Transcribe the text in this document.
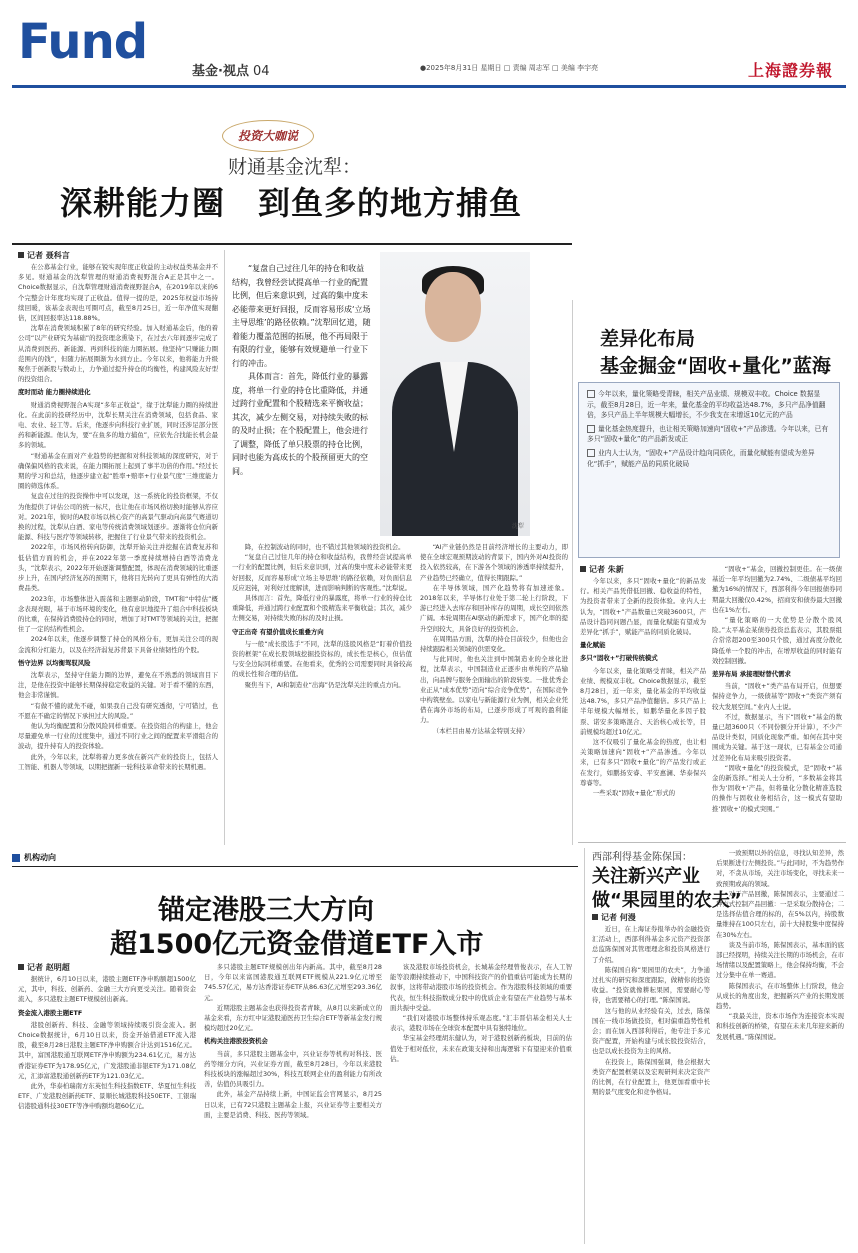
Fund
基金·视点 04	●2025年8月31日 星期日 □ 责编 周志军 □ 美编 李宇亮	上海證券報
投资大咖说
财通基金沈犁：
深耕能力圈　到鱼多的地方捕鱼
记者 聂科言

在公募基金行业，能够在锐实现年度正收益的主动权益类基金并不多见。财通基金的沈犁管理的财通消费视野混合A正是其中之一。Choice数据显示，自沈犁管理财通消费视野混合A，在2019年以来的6个完整会计年度均实现了正收益。值得一提的是，2025年权益市场持续回暖，该基金表现也可圈可点，截至8月25日，近一年净值实现翻倍，区间回报率达118.88%。

沈犁在消费领域积累了8年的研究经验。加入财通基金后，他的着公司“以产业研究为基础”的投资理念熏染下，在过去六年间逐步完成了从消费到医药、新能源、再到科技的能力圈拓展。他坚持“只赚能力圈范围内的钱”，但随力拓展圈渐为水到方止。今年以来，他将能力升级聚焦于创新股与数动上，力争通过提升持仓的均衡性，构建风险友好型的投资组合。

度时而动 能力圈持续进化

财通消费视野混合A实现“多年正收益”，缘于沈犁能力圈的持续进化。在此前的投研经历中，沈犁长期关注在消费领域，包括食品、家电、农业、轻工等。后来，他逐步向科技行业扩展，同时还涉足部分医药和新能源。他认为，要“在鱼多的地方捕鱼”，应依先合找能长机会最多的领域。

“财通基金在面对产业趋势的把握和对科技领域的深度研究，对于确保偏风格的我来说，在能力圈拓展上起到了事半功倍的作用。”经过长期的学习和总结，他逐步建立起“胜率+赔率+行业景气度”三维度能力圈的筛选体系。

复盘在过往的投资操作中可以发现，这一系统化的投资框架，不仅为他提供了评估公司的统一标尺，也让他在市场风格切换时能够从容应对。2021年，彼时的A股市场以核心资产的高景气驱动向高景气赛道切换的过程，沈犁从白酒、家电等传统消费领域划逐步。逐渐将仓位向新能源、科技与医疗等领域转移，把握住了行业景气带来的投资机会。

2022年，市场风格转向防御，沈犁开始关注并挖掘在消费复苏和低估值方面的机会，并在2022年第一季度持续增持白酒等消费龙头，“沈犁表示，2022年开始逐渐调整配置，体现在消费领域的比重逐步上升，在国内经济复苏的预期下，他将目光转向了更具有弹性的大消费品类。

2023年，市场整体进入震荡和主题驱动阶段，TMT和“中特估”概念表现亮眼，基于市场环境的变化，他有意识地提升了组合中科技板块的比重，在保持消费股持仓的同时，增加了对TMT等领域的关注，把握住了一定的结构性机会。

2024年以来，他逐步调整了持仓的风格分布，更加关注公司的现金流和分红能力，以及在经济弱复苏背景下具备业绩韧性的个股。

悟守边界 以均衡驾驭风险

沈犁表示，坚持守住能力圈的边界，避免在不熟悉的领域盲目下注，是他在投资中能够长期保持稳定收益的关键。对于看不懂的东西，他会非常谨慎。

“有做不懂的就先不碰，如果我自己没有研究透彻，宁可错过，也不愿在不确定的情况下承担过大的风险。”

他认为均衡配置和分散风险同样重要。在投资组合的构建上，他会尽量避免单一行业的过度集中，通过不同行业之间的配置来平滑组合的波动，提升持有人的投资体验。

此外，今年以来，沈犁将着力更多放在新兴产业的投资上，包括人工智能、机器人等领域，以期把握新一轮科技革命带来的长期机遇。

“复盘自己过往几年的持仓和收益结构，我曾经尝试提高单一行业的配置比例，但后来意识到，过高的集中度未必能带来更好回报，反而容易形成‘立场主导思维’的路径依赖。”沈犁回忆道，随着能力覆盖范围的拓展，他不再局限于有限的行业，能够有效规避单一行业下行的冲击。

具体而言：首先，降低行业的暴露度，将单一行业的持仓比重降低，并通过跨行业配置和个股精选来平衡收益；其次，减少左侧交易，对持续失败的标的及时止损；在个股配置上，他会进行了调整，降低了单只股票的持仓比例，同时也能为高成长的个股预留更大的空间。

沈犁

降，在控制波动的同时，也不错过其他领域的投资机会。

“复盘自己过往几年的持仓和收益结构，我曾经尝试提高单一行业的配置比例，但后来意识到，过高的集中度未必能带来更好回报，反而容易形成‘立场主导思维’的路径依赖，对负面信息反应迟钝，对利好过度解读，进而影响判断的客观性。”沈犁说。

具体而言：首先，降低行业的暴露度，将单一行业的持仓比重降低，并通过跨行业配置和个股精选来平衡收益；其次，减少左侧交易，对持续失败的标的及时止损。

守正出奇 有望价值成长重叠方向

与一般“成长股选手”不同，沈犁的选股风格是“盯着价值投资的框架”在成长股领域挖掘投资标的，成长性是核心，但估值与安全边际同样重要。在他看来，优秀的公司需要同时具备较高的成长性和合理的估值。

聚焦当下，AI和制造业“出海”仍是沈犁关注的重点方向。

“AI产业链仍然是目前经济增长的主要动力，即使在全球宏观预期波动的背景下，国内外对AI投资的投入依然较高，在下游各个领域的渗透率持续提升，产业趋势已经确立，值得长期跟踪。”

在半导体领域，国产化趋势将有加速迹象。2018年以来，半导体行业处于第二轮上行阶段，下游已经进入去库存和回补库存的周期，成长空间依然广阔。本轮周期在AI驱动的新需求下，国产化率的提升空间较大，具备良好的投资机会。

在周期品方面，沈犁的持仓目前较少，但他也会持续跟踪相关领域的供需变化。

与此同时，他也关注到中国制造业的全球化进程，沈犁表示，中国制造业正逐步由单纯的产品输出，向品牌与服务全面输出的阶段转变。一批优秀企业正从“成本优势”迈向“综合竞争优势”，在国际竞争中构筑壁垒。以家电与新能源行业为例，相关企业凭借在海外市场的布局，已逐步形成了可观的盈利能力。

（本栏目由易方达基金特别支持）

差异化布局
基金掘金“固收+量化”蓝海

今年以来，量化策略受青睐，相关产品业绩、规模双丰收。Choice 数据显示，截至8月28日，近一年来，量化基金的平均收益达48.7%，多只产品净值翻倍，多只产品上半年规模大幅增长，不少我支在末增返10亿元的产品

量化基金热度提升，也让相关策略加速向“固收+”产品渗透。今年以来，已有多只“固收+量化”的产品新发或正

业内人士认为，“固收+”产品设计趋向同质化，而量化赋能有望成为差异化“抓手”，赋能产品的同质化破局

记者 朱新

今年以来，多只“固收+量化”的新品发行。相关产品凭借低回撤、稳收益的特性，为投资者带来了全新的投资体验。业内人士认为，“固收+”产品数量已突破3600只，产品设计趋同问题凸显，而量化赋能有望成为差异化“抓手”，赋能产品的同质化破局。

量化赋能

多只“固收+”打破传统模式

今年以来，量化策略受青睐，相关产品业绩、规模双丰收。Choice数据显示，截至8月28日，近一年来，量化基金的平均收益达48.7%，多只产品净值翻倍。多只产品上半年规模大幅增长，如鹏华量化多因子股票、诺安多策略混合、天治核心成长等，目前规模均超过10亿元。

这不仅吸引了量化基金的热度，也让相关策略加速向“固收+”产品渗透。今年以来，已有多只“固收+量化”的产品发行或正在发行，如鹏扬安睿、平安惠澜、华泰保兴尊睿等。

一些采取“固收+量化”形式的

“固收+”基金，回撤控制更佳。在一级债基近一年平均回撤为2.74%、二级债基平均回撤为16%的情况下，西部利得今年回报债券同期最大回撤仅0.42%，招商安和债券最大回撤也在1%左右。

“量化策略的一大优势是分散个股风险。”太平基金某债券投资总监表示，其股票组合常常超200至300只个股，通过高度分散化降低单一个股的冲击，在增厚收益的同时能有效控制回撤。

差异布局 承接理财替代需求

当前，“固收+”类产品布局开启，但想要保持竞争力，一级债基等“固收+”类资产须有较大发展空间。”业内人士说。

不过，数据显示，当下“固收+”基金的数量已超3600只（不同份额分开计算），不少产品设计类似，同质化现象严重。如何在其中突围成为关键。基于这一现状，已有基金公司通过差异化布局来吸引投资者。

“固收+量化”的投资模式，是“固收+”基金的新选择。”相关人士分析，“多数基金将其作为‘固收+’产品，但将量化分散化精准选股的操作与固收业务相结合，这一模式有望助推‘固收+’的模式突围。”

西部利得基金陈保国：
关注新兴产业
做“果园里的农夫”
记者 何漫

近日，在上海证券报举办的金融投资汇活动上，西部利得基金多元资产投资部总监陈保国对其管理理念和投资风格进行了介绍。

陈保国自称“果园里的农夫”，力争通过扎实的研究和深度跟踪，做精你的投资收益。“投资就像耕耘果园，需要耐心等待，也需要精心的打理。”陈保国说。

这与他的从业经验有关，过去，陈保国在一线市场做投资，相对偏重趋势性机会；而在加入西部利得后，他专注于多元资产配置，开始构建与成长股投资结合，也是以成长投资为主的风格。

在投资上，陈保国强调，他会根据大类资产配置框架以及宏观研判来决定资产的比例，在行业配置上，他更加看重中长期的景气度变化和竞争格局。

一致预期以外的信息，寻找认知差异，然后果断进行左侧投资。”与此同时，不为趋势作对，不贪从市场，关注市场变化，寻找未来一致预期或高的领域。

对于产品回撤，陈保国表示，主要通过二种方式控制产品回撤：一是采取分散持仓；二是选择估值合理的标的，在5%以内，持股数量维持在100只左右，前十大持股集中度保持在30%左右。

谈及当前市场，陈保国表示，基本面的底部已经探明，持续关注长期的市场机会，在市场情绪以及配置策略上，他会保持均衡，不会过分集中在单一赛道。

陈保国表示，在市场整体上行阶段，他会从成长的角度出发，把握新兴产业的长期发展趋势。

“我最关注，资本市场作为连接资本实现和科技创新的桥梁，有望在未来几年迎来新的发展机遇。”陈保国说。

机构动向
锚定港股三大方向
超1500亿元资金借道ETF入市
记者 赵明超

据统计，6月10日以来，港股主题ETF净申购额超1500亿元，其中，科技、创新药、金融三大方向更受关注。随着资金流入，多只港股主题ETF规模创出新高。

资金流入港股主题ETF

港股创新药、科技、金融等领域持续吸引资金流入。据Choice数据统计，6月10日以来，资金开始借道ETF流入港股，截至8月28日港股主题ETF净申购额合计达到1516亿元。其中，富国港股通互联网ETF净申购额为234.61亿元，易方达香港证券ETF为178.95亿元，广发港股通非银ETF为171.08亿元，汇添富港股通创新药ETF为121.03亿元。

此外，华泰柏瑞南方东英恒生科技指数ETF、华夏恒生科技ETF、广发港股创新药ETF、景顺长城港股科技50ETF、工银瑞信港股通科技30ETF等净申购额均超60亿元。

多只港股主题ETF规模创出年内新高。其中，截至8月28日，今年以来富国港股通互联网ETF规模从221.9亿元增至745.57亿元，易方达香港证券ETF从86.63亿元增至293.36亿元。

近期港股主题基金也获得投资者青睐，从8月以来新成立的基金来看，东方红中证港股通医药卫生综合ETF等新基金发行规模均超过20亿元。

机构关注港股投资机会

当前，多只港股主题基金中，兴业证券等机构对科技、医药等细分方向，兴业证券方面，截至8月28日，今年以来港股科技板块的涨幅超过30%，科技互联网企业的盈利能力有所改善，估值仍具吸引力。

此外，基金产品持续上新，中国证监会官网显示，8月25日以来，已有72只港股主题基金上报，兴业证券等主要相关方面，主要是消费、科技、医药等领域。

该及港股市场投资机会，长城基金经理曾俊表示，在人工智能等浪潮持续推动下，中国科技资产的价值重估可能成为长期的叙事，这将带动港股市场的投资机会。作为港股科技领域的重要代表，恒生科技指数成分股中的优质企业有望在产业趋势与基本面共振中受益。

“我们对港股市场整体持乐观态度。”汇丰晋信基金相关人士表示，港股市场在全球资本配置中具有独特地位。

华宝基金经理胡东健认为，对于港股创新药板块，目前的估值处于相对低位，未来在政策支持和出海逻辑下有望迎来价值重估。
